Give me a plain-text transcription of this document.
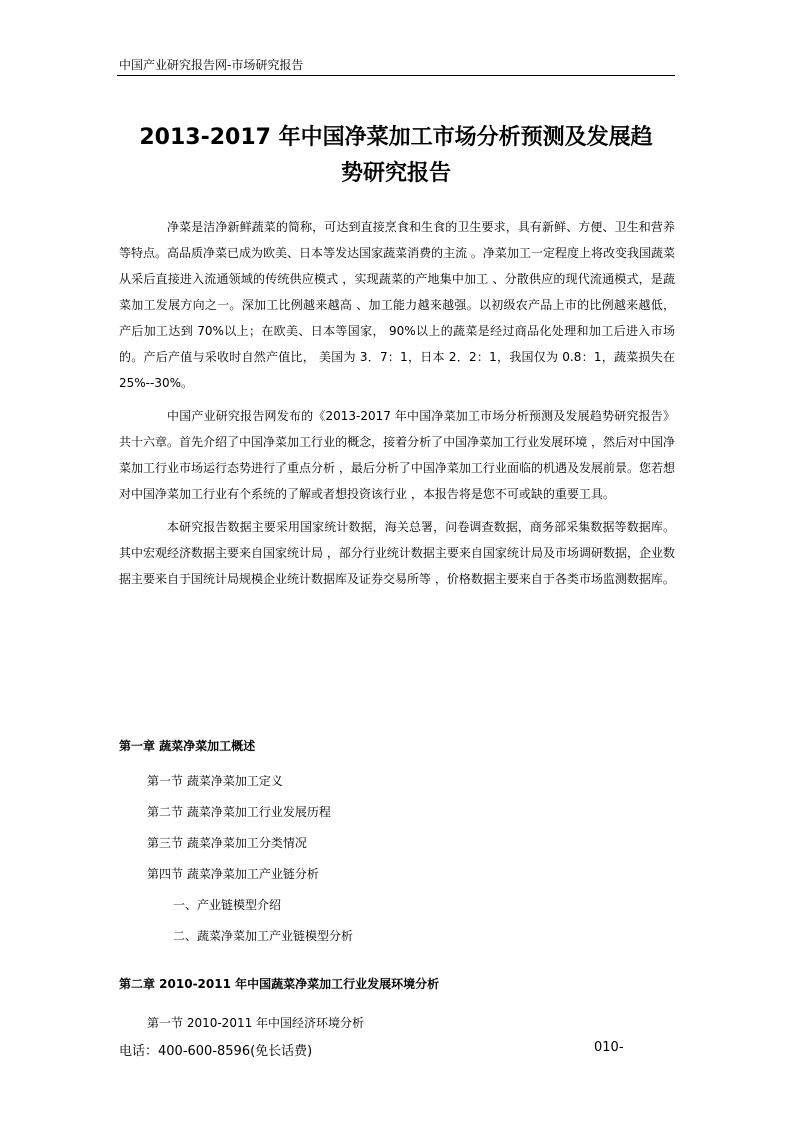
中国产业研究报告网-市场研究报告
2013-2017 年中国净菜加工市场分析预测及发展趋
势研究报告

净菜是洁净新鲜蔬菜的简称，可达到直接烹食和生食的卫生要求，具有新鲜、方便、卫生和营养等特点。高品质净菜已成为欧美、日本等发达国家蔬菜消费的主流 。净菜加工一定程度上将改变我国蔬菜从采后直接进入流通领域的传统供应模式 ，实现蔬菜的产地集中加工 、分散供应的现代流通模式，是蔬菜加工发展方向之一。深加工比例越来越高 、加工能力越来越强。以初级农产品上市的比例越来越低， 产后加工达到 70%以上；在欧美、日本等国家， 90%以上的蔬菜是经过商品化处理和加工后进入市场的。产后产值与采收时自然产值比， 美国为 3．7：1，日本 2．2：1，我国仅为 0.8：1，蔬菜损失在 25%--30%。

中国产业研究报告网发布的《2013-2017 年中国净菜加工市场分析预测及发展趋势研究报告》共十六章。首先介绍了中国净菜加工行业的概念，接着分析了中国净菜加工行业发展环境 ，然后对中国净菜加工行业市场运行态势进行了重点分析 ，最后分析了中国净菜加工行业面临的机遇及发展前景。您若想对中国净菜加工行业有个系统的了解或者想投资该行业 ，本报告将是您不可或缺的重要工具。

本研究报告数据主要采用国家统计数据，海关总署，问卷调查数据，商务部采集数据等数据库。其中宏观经济数据主要来自国家统计局 ，部分行业统计数据主要来自国家统计局及市场调研数据，企业数据主要来自于国统计局规模企业统计数据库及证券交易所等 ，价格数据主要来自于各类市场监测数据库。

第一章 蔬菜净菜加工概述
第一节 蔬菜净菜加工定义
第二节 蔬菜净菜加工行业发展历程
第三节 蔬菜净菜加工分类情况
第四节 蔬菜净菜加工产业链分析
一、产业链模型介绍
二、蔬菜净菜加工产业链模型分析
第二章 2010-2011 年中国蔬菜净菜加工行业发展环境分析
第一节 2010-2011 年中国经济环境分析
电话：400-600-8596(免长话费)	010-
